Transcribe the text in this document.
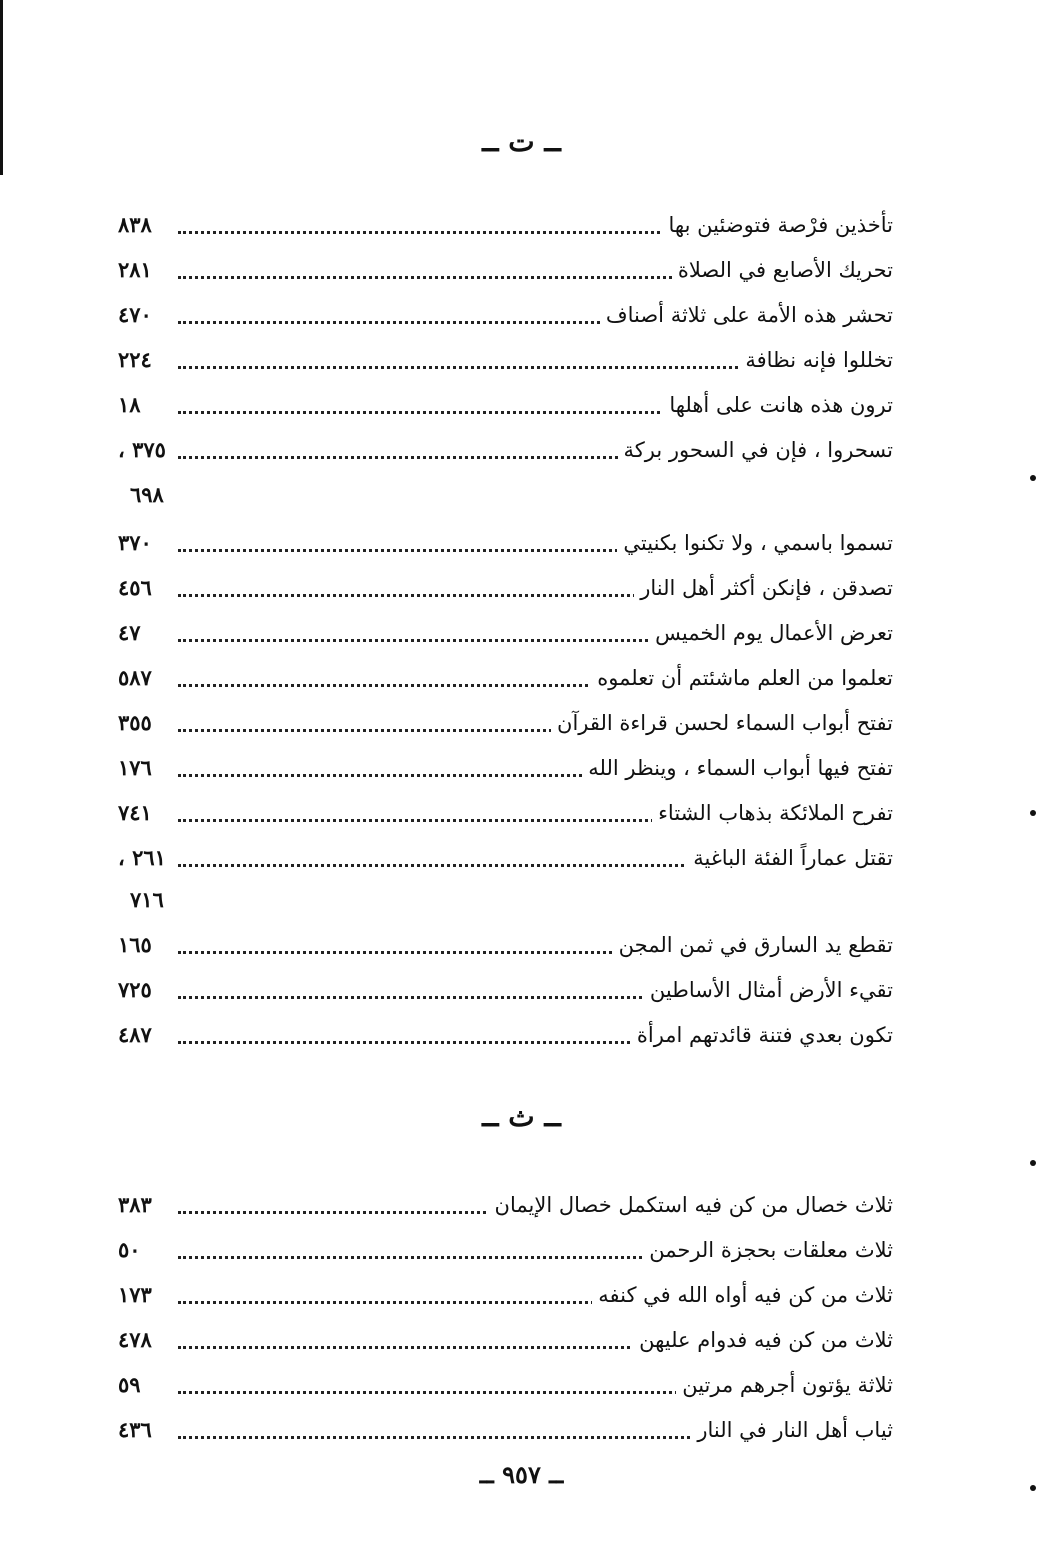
ــ ت ــ
تأخذين فرْصة فتوضئين بها
٨٣٨
تحريك الأصابع في الصلاة
٢٨١
تحشر هذه الأمة على ثلاثة أصناف
٤٧٠
تخللوا فإنه نظافة
٢٢٤
ترون هذه هانت على أهلها
١٨
تسحروا ، فإن في السحور بركة
٣٧٥ ،
٦٩٨
تسموا باسمي ، ولا تكنوا بكنيتي
٣٧٠
تصدقن ، فإنكن أكثر أهل النار
٤٥٦
تعرض الأعمال يوم الخميس
٤٧
تعلموا من العلم ماشئتم أن تعلموه
٥٨٧
تفتح أبواب السماء لحسن قراءة القرآن
٣٥٥
تفتح فيها أبواب السماء ، وينظر الله
١٧٦
تفرح الملائكة بذهاب الشتاء
٧٤١
تقتل عماراً الفئة الباغية
٢٦١ ،
٧١٦
تقطع يد السارق في ثمن المجن
١٦٥
تقيء الأرض أمثال الأساطين
٧٢٥
تكون بعدي فتنة قائدتهم امرأة
٤٨٧
ــ ث ــ
ثلاث خصال من كن فيه استكمل خصال الإيمان
٣٨٣
ثلاث معلقات بحجزة الرحمن
٥٠
ثلاث من كن فيه أواه الله في كنفه
١٧٣
ثلاث من كن فيه فدوام عليهن
٤٧٨
ثلاثة يؤتون أجرهم مرتين
٥٩
ثياب أهل النار في النار
٤٣٦
ــ ٩٥٧ ــ
